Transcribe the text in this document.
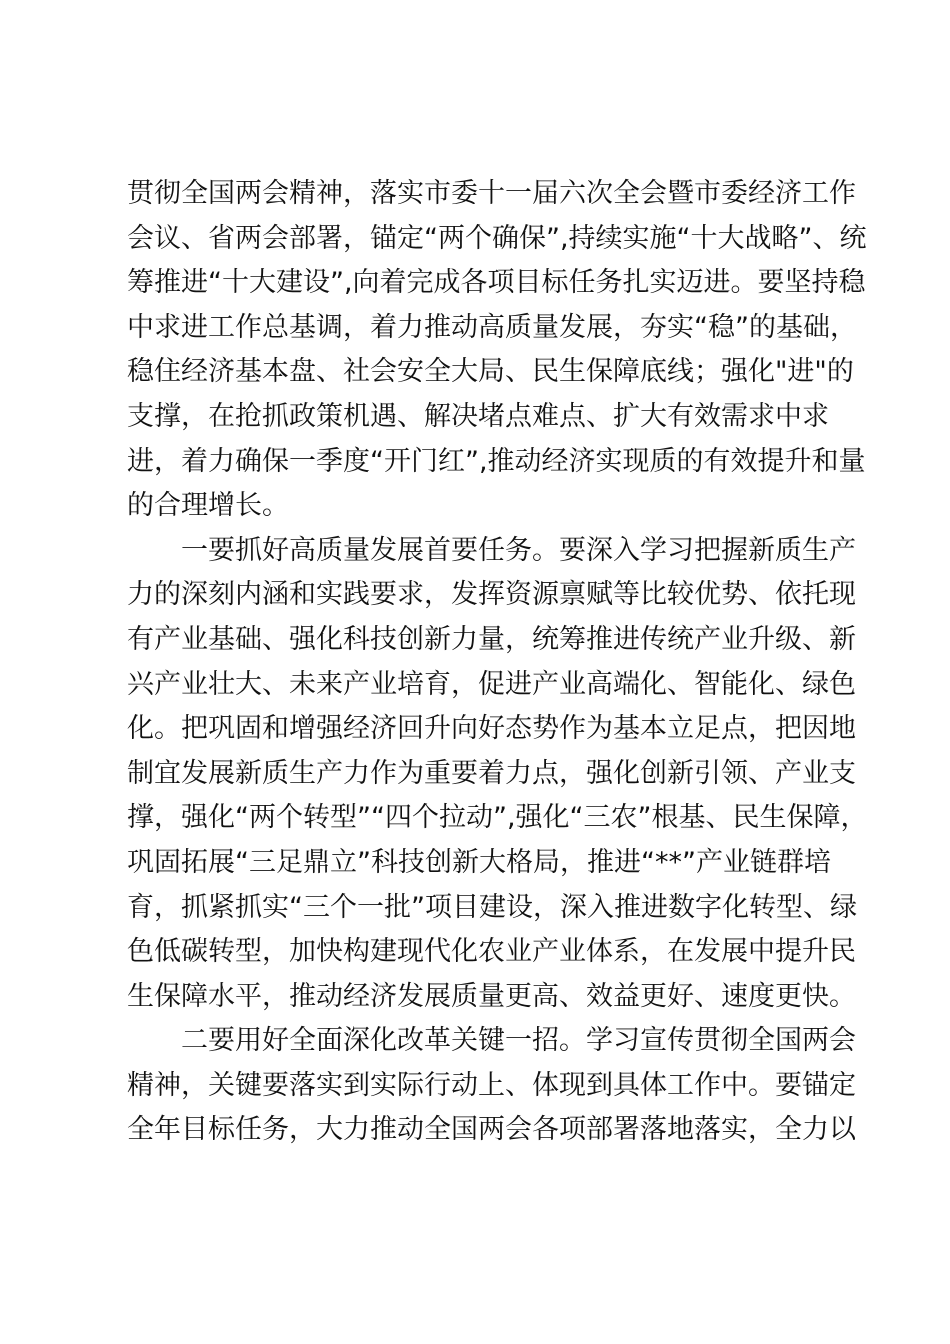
贯彻全国两会精神，落实市委十一届六次全会暨市委经济工作
会议、省两会部署，锚定“两个确保”,持续实施“十大战略”、统
筹推进“十大建设”,向着完成各项目标任务扎实迈进。要坚持稳
中求进工作总基调，着力推动高质量发展，夯实“稳”的基础，
稳住经济基本盘、社会安全大局、民生保障底线；强化"进"的
支撑，在抢抓政策机遇、解决堵点难点、扩大有效需求中求
进，着力确保一季度“开门红”,推动经济实现质的有效提升和量
的合理增长。
一要抓好高质量发展首要任务。要深入学习把握新质生产
力的深刻内涵和实践要求，发挥资源禀赋等比较优势、依托现
有产业基础、强化科技创新力量，统筹推进传统产业升级、新
兴产业壮大、未来产业培育，促进产业高端化、智能化、绿色
化。把巩固和增强经济回升向好态势作为基本立足点，把因地
制宜发展新质生产力作为重要着力点，强化创新引领、产业支
撑，强化“两个转型”“四个拉动”,强化“三农”根基、民生保障，
巩固拓展“三足鼎立”科技创新大格局，推进“**”产业链群培
育，抓紧抓实“三个一批”项目建设，深入推进数字化转型、绿
色低碳转型，加快构建现代化农业产业体系，在发展中提升民
生保障水平，推动经济发展质量更高、效益更好、速度更快。
二要用好全面深化改革关键一招。学习宣传贯彻全国两会
精神，关键要落实到实际行动上、体现到具体工作中。要锚定
全年目标任务，大力推动全国两会各项部署落地落实，全力以
